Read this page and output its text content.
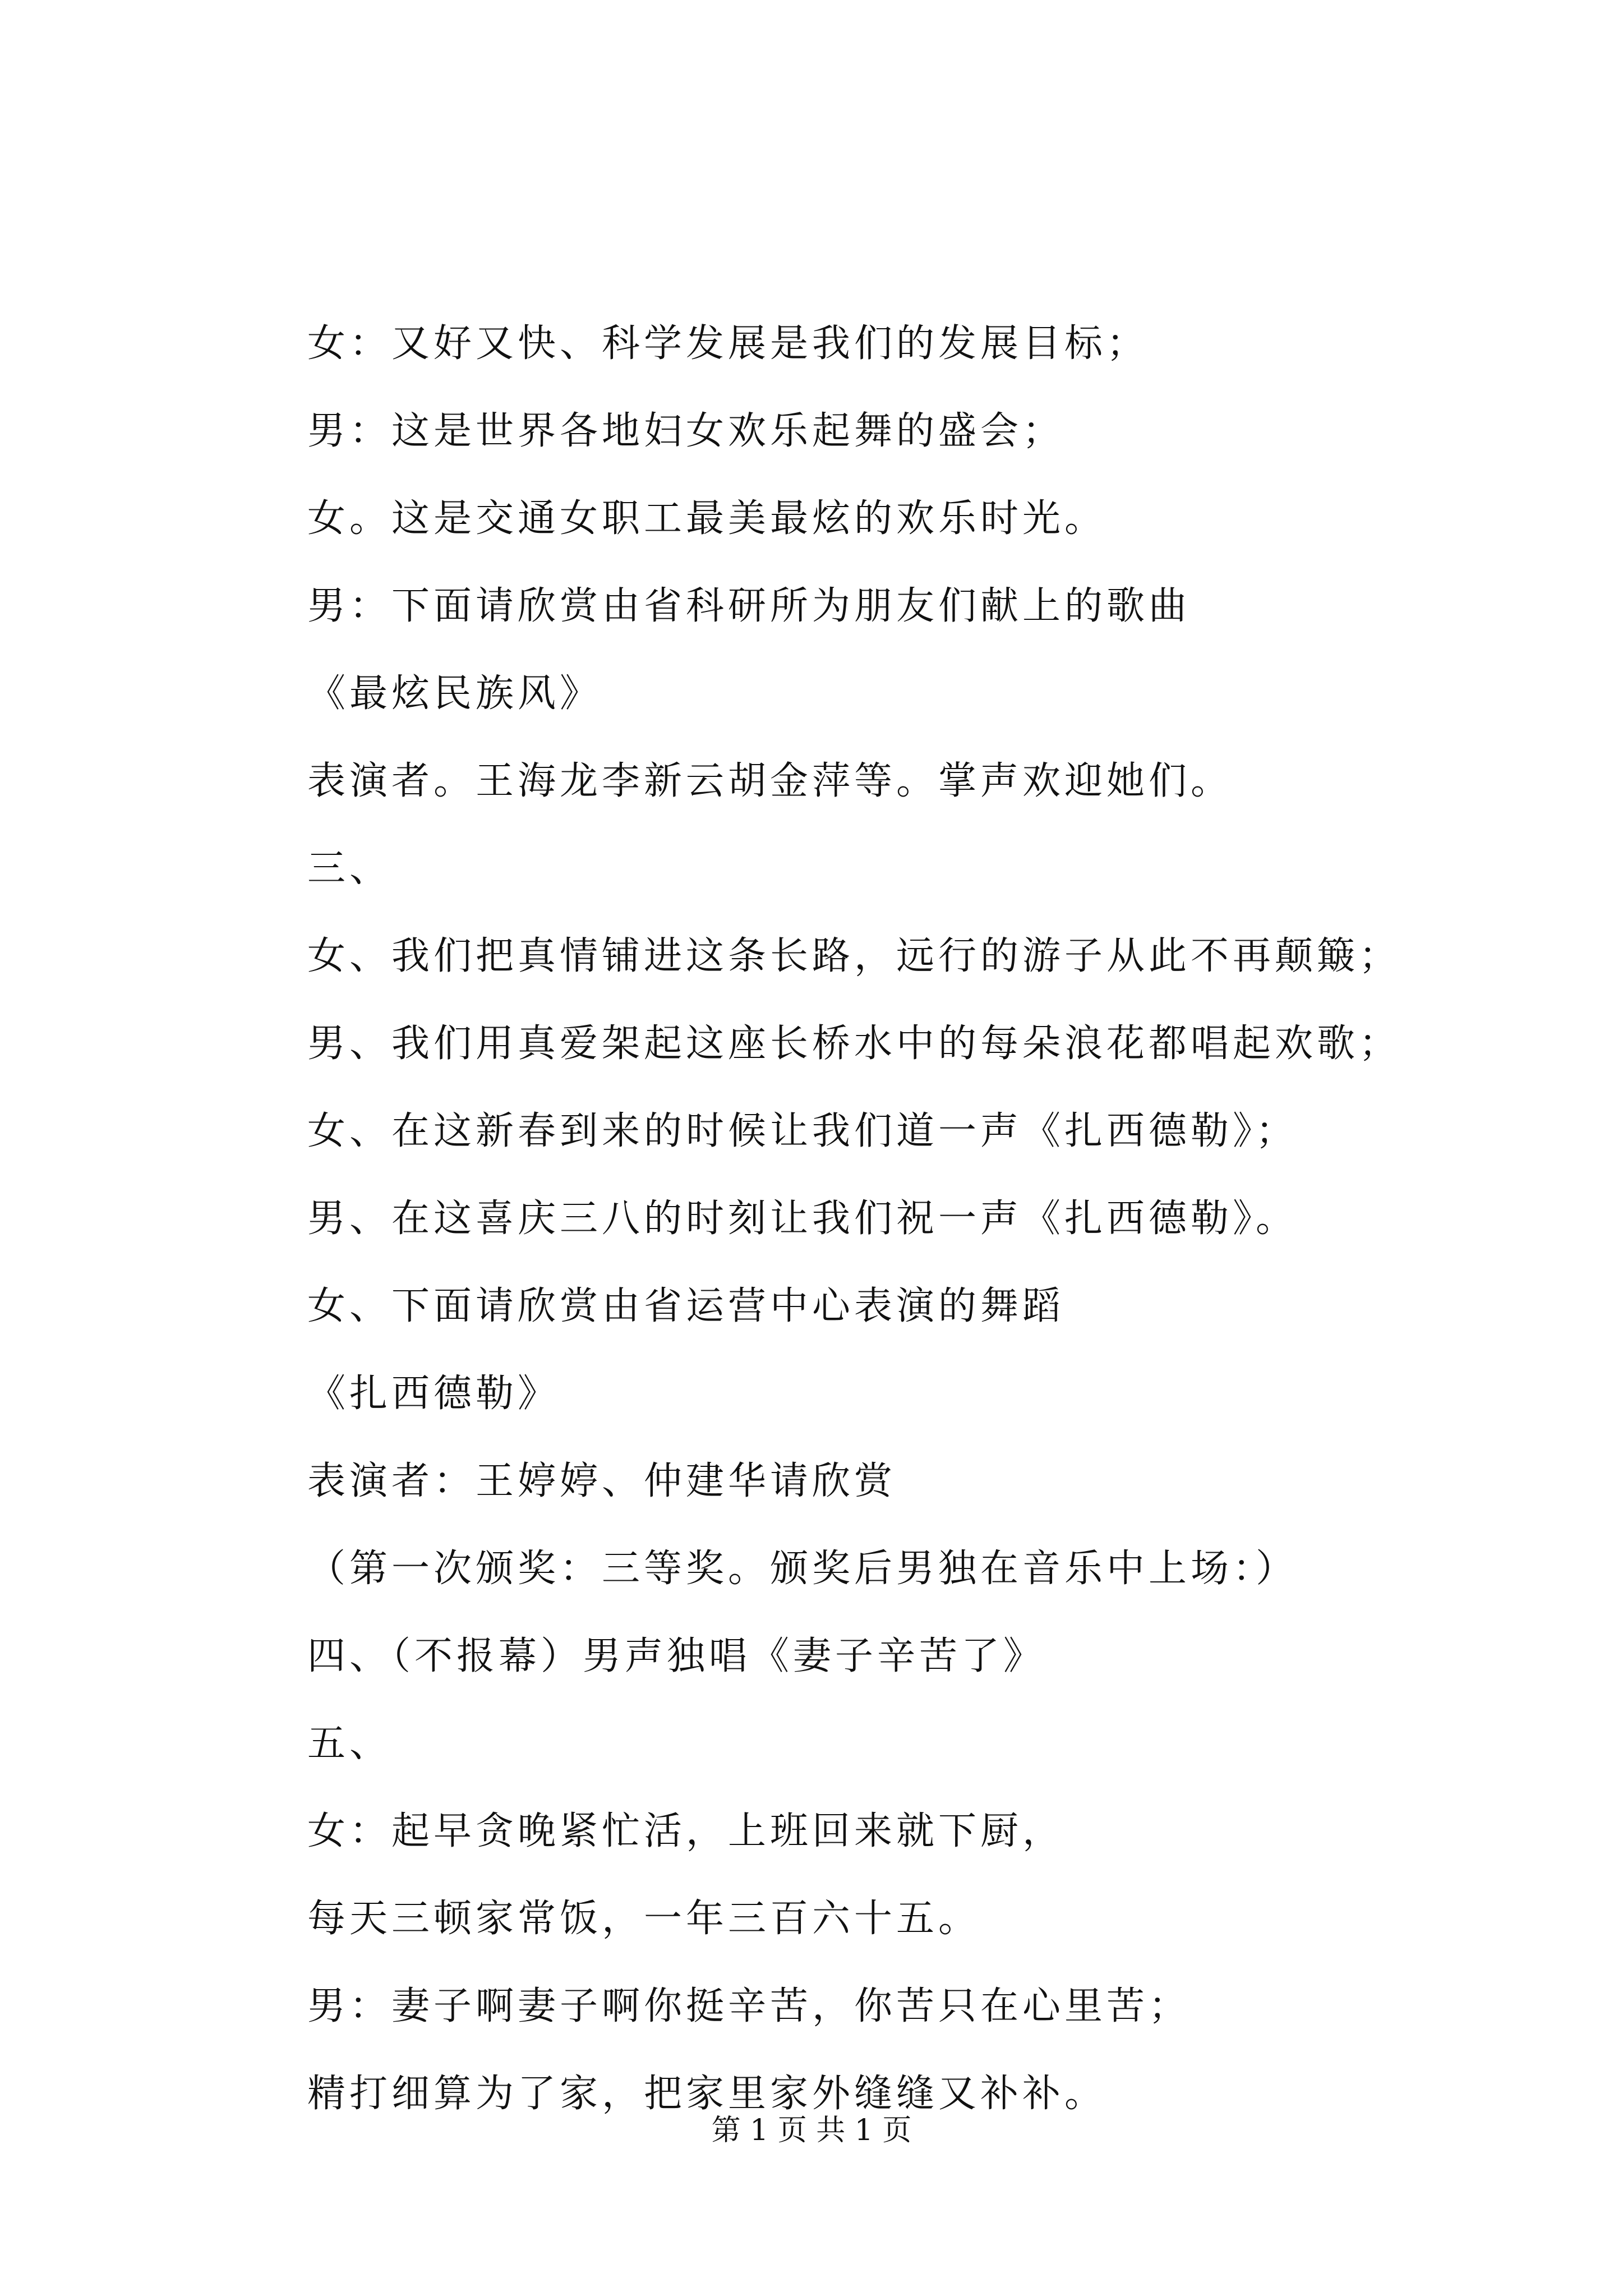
女：又好又快、科学发展是我们的发展目标；
男：这是世界各地妇女欢乐起舞的盛会；
女。这是交通女职工最美最炫的欢乐时光。
男：下面请欣赏由省科研所为朋友们献上的歌曲
《最炫民族风》
表演者。王海龙李新云胡金萍等。掌声欢迎她们。
三、
女、我们把真情铺进这条长路，远行的游子从此不再颠簸；
男、我们用真爱架起这座长桥水中的每朵浪花都唱起欢歌；
女、在这新春到来的时候让我们道一声《扎西德勒》；
男、在这喜庆三八的时刻让我们祝一声《扎西德勒》。
女、下面请欣赏由省运营中心表演的舞蹈
《扎西德勒》
表演者：王婷婷、仲建华请欣赏
（第一次颁奖：三等奖。颁奖后男独在音乐中上场：）
四、（不报幕）男声独唱《妻子辛苦了》
五、
女：起早贪晚紧忙活，上班回来就下厨，
每天三顿家常饭，一年三百六十五。
男：妻子啊妻子啊你挺辛苦，你苦只在心里苦；
精打细算为了家，把家里家外缝缝又补补。
第 1 页 共 1 页
